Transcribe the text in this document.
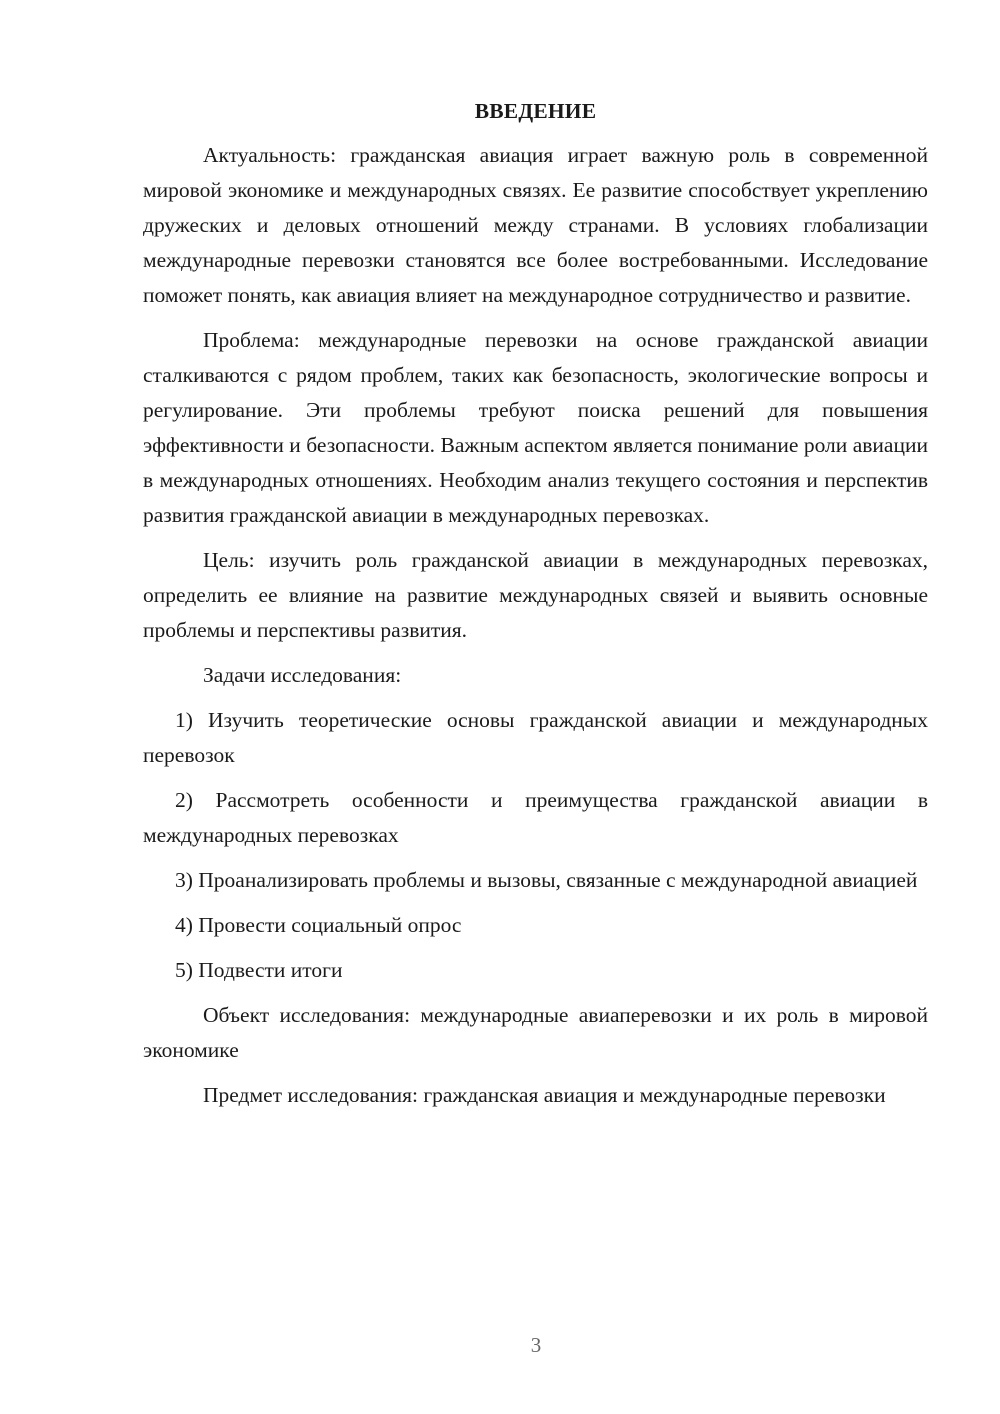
ВВЕДЕНИЕ

Актуальность: гражданская авиация играет важную роль в современной мировой экономике и международных связях. Ее развитие способствует укреплению дружеских и деловых отношений между странами. В условиях глобализации международные перевозки становятся все более востребованными. Исследование поможет понять, как авиация влияет на международное сотрудничество и развитие.

Проблема: международные перевозки на основе гражданской авиации сталкиваются с рядом проблем, таких как безопасность, экологические вопросы и регулирование. Эти проблемы требуют поиска решений для повышения эффективности и безопасности. Важным аспектом является понимание роли авиации в международных отношениях. Необходим анализ текущего состояния и перспектив развития гражданской авиации в международных перевозках.

Цель: изучить роль гражданской авиации в международных перевозках, определить ее влияние на развитие международных связей и выявить основные проблемы и перспективы развития.

Задачи исследования:

1) Изучить теоретические основы гражданской авиации и международных перевозок

2) Рассмотреть особенности и преимущества гражданской авиации в международных перевозках

3) Проанализировать проблемы и вызовы, связанные с международной авиацией

4) Провести социальный опрос

5) Подвести итоги

Объект исследования: международные авиаперевозки и их роль в мировой экономике

Предмет исследования: гражданская авиация и международные перевозки

3
